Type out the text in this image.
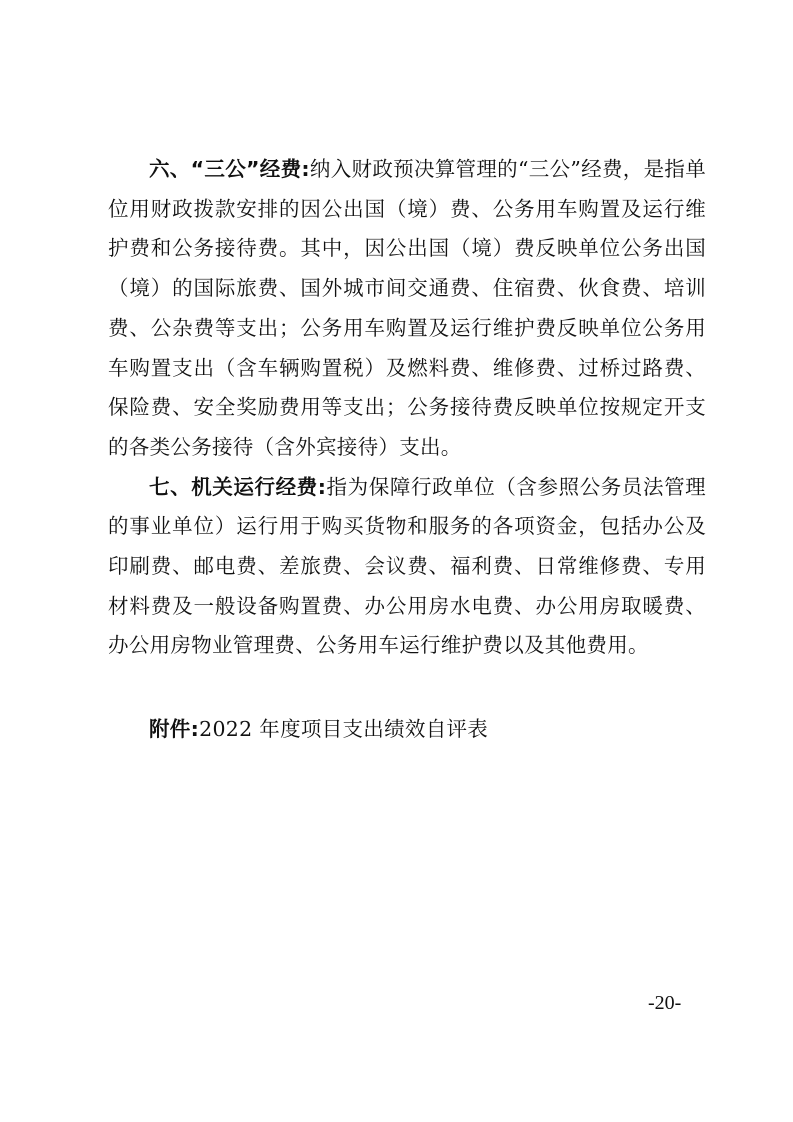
六、“三公”经费:纳入财政预决算管理的“三公”经费，是指单位用财政拨款安排的因公出国（境）费、公务用车购置及运行维护费和公务接待费。其中，因公出国（境）费反映单位公务出国（境）的国际旅费、国外城市间交通费、住宿费、伙食费、培训费、公杂费等支出；公务用车购置及运行维护费反映单位公务用车购置支出（含车辆购置税）及燃料费、维修费、过桥过路费、保险费、安全奖励费用等支出；公务接待费反映单位按规定开支的各类公务接待（含外宾接待）支出。

七、机关运行经费:指为保障行政单位（含参照公务员法管理的事业单位）运行用于购买货物和服务的各项资金，包括办公及印刷费、邮电费、差旅费、会议费、福利费、日常维修费、专用材料费及一般设备购置费、办公用房水电费、办公用房取暖费、办公用房物业管理费、公务用车运行维护费以及其他费用。

附件:2022 年度项目支出绩效自评表
-20-
